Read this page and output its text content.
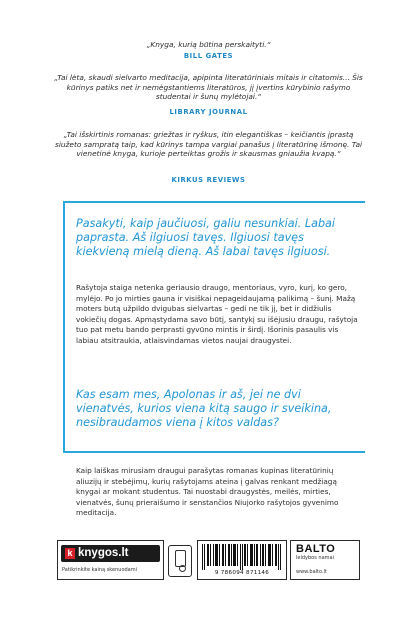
„Knyga, kurią būtina perskaityti.“
BILL GATES
„Tai lėta, skaudi sielvarto meditacija, apipinta literatūriniais mitais ir citatomis... Šis kūrinys patiks net ir nemėgstantiems literatūros, jį įvertins kūrybinio rašymo studentai ir šunų mylėtojai.“
LIBRARY JOURNAL
„Tai išskirtinis romanas: griežtas ir ryškus, itin elegantiškas – keičiantis įprastą siužeto sampratą taip, kad kūrinys tampa vargiai panašus į literatūrinę išmonę. Tai vienetinė knyga, kurioje perteiktas grožis ir skausmas gniaužia kvapą.“
KIRKUS REVIEWS
Pasakyti, kaip jaučiuosi, galiu nesunkiai. Labai paprasta. Aš ilgiuosi tavęs. Ilgiuosi tavęs kiekvieną mielą dieną. Aš labai tavęs ilgiuosi.
Rašytoja staiga netenka geriausio draugo, mentoriaus, vyro, kurį, ko gero, mylėjo. Po jo mirties gauna ir visiškai nepageidaujamą palikimą – šunį. Mažą moters butą užpildo dvigubas sielvartas – gedi ne tik jį, bet ir didžiulis vokiečių dogas. Apmąstydama savo būtį, santykį su išėjusiu draugu, rašytoja tuo pat metu bando perprasti gyvūno mintis ir širdį. Išorinis pasaulis vis labiau atsitraukia, atlaisvindamas vietos naujai draugystei.
Kas esam mes, Apolonas ir aš, jei ne dvi vienatvės, kurios viena kitą saugo ir sveikina, nesibraudamos viena į kitos valdas?
Kaip laiškas mirusiam draugui parašytas romanas kupinas literatūrinių aliuzijų ir stebėjimų, kurių rašytojams ateina į galvas renkant medžiagą knygai ar mokant studentus. Tai nuostabi draugystės, meilės, mirties, vienatvės, šunų prieraišumo ir senstančios Niujorko rašytojos gyvenimo meditacija.
k knygos.lt
Patikrinkite kainą skenuodami	9 786094 871146
BALTO
leidybos namai
www.balto.lt
